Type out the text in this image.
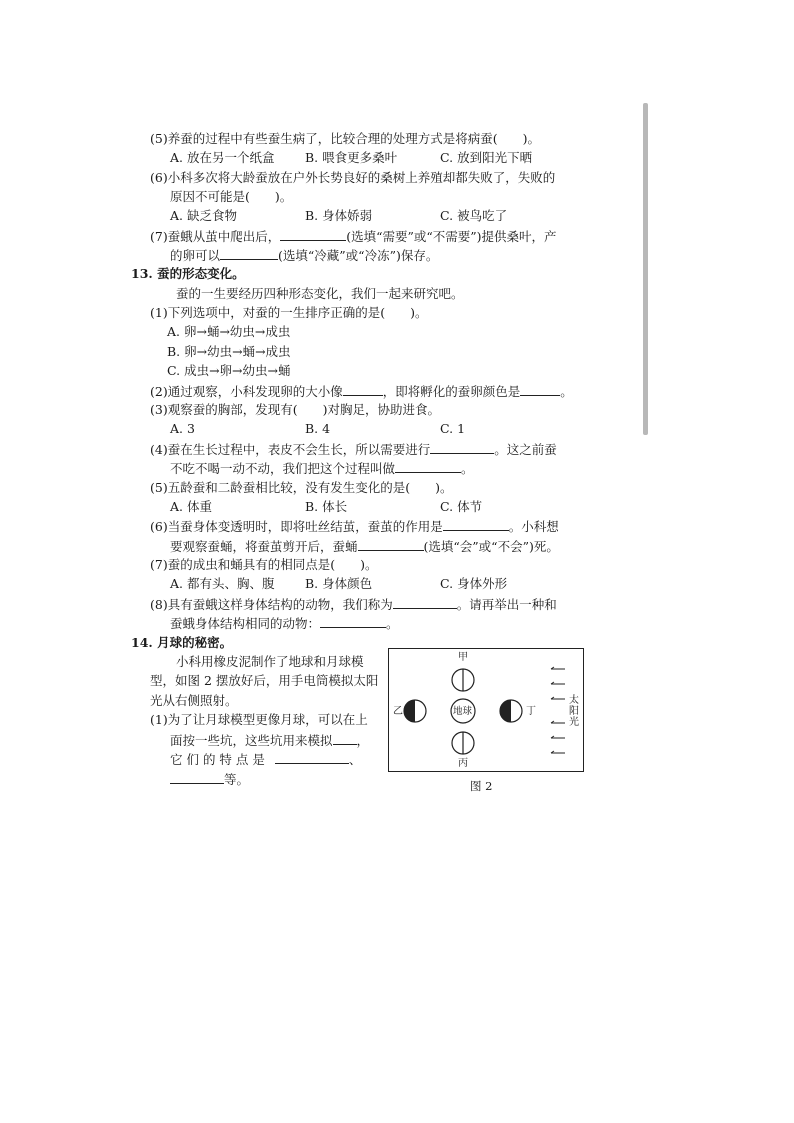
(5)养蚕的过程中有些蚕生病了，比较合理的处理方式是将病蚕(　　)。
A. 放在另一个纸盒 B. 喂食更多桑叶	C. 放到阳光下晒
(6)小科多次将大龄蚕放在户外长势良好的桑树上养殖却都失败了，失败的
原因不可能是(　　)。
A. 缺乏食物	B. 身体娇弱	C. 被鸟吃了
(7)蚕蛾从茧中爬出后，	(选填“需要”或“不需要”)提供桑叶，产
的卵可以	(选填“冷藏”或“冷冻”)保存。
13. 蚕的形态变化。
蚕的一生要经历四种形态变化，我们一起来研究吧。
(1)下列选项中，对蚕的一生排序正确的是(　　)。
A. 卵→蛹→幼虫→成虫
B. 卵→幼虫→蛹→成虫
C. 成虫→卵→幼虫→蛹
(2)通过观察，小科发现卵的大小像	，即将孵化的蚕卵颜色是	。
(3)观察蚕的胸部，发现有(　　)对胸足，协助进食。
A. 3	B. 4	C. 1
(4)蚕在生长过程中，表皮不会生长，所以需要进行	。这之前蚕
不吃不喝一动不动，我们把这个过程叫做	。
(5)五龄蚕和二龄蚕相比较，没有发生变化的是(　　)。
A. 体重	B. 体长	C. 体节
(6)当蚕身体变透明时，即将吐丝结茧，蚕茧的作用是	。小科想
要观察蚕蛹，将蚕茧剪开后，蚕蛹	(选填“会”或“不会”)死。
(7)蚕的成虫和蛹具有的相同点是(　　)。
A. 都有头、胸、腹 B. 身体颜色	C. 身体外形
(8)具有蚕蛾这样身体结构的动物，我们称为	。请再举出一种和
蚕蛾身体结构相同的动物：	。
14. 月球的秘密。
小科用橡皮泥制作了地球和月球模
型，如图 2 摆放好后，用手电筒模拟太阳
光从右侧照射。
(1)为了让月球模型更像月球，可以在上
面按一些坑，这些坑用来模拟 ，
它 们 的 特 点 是	、
等。
甲
乙	地球	丁
丙
太
阳
光
图 2
